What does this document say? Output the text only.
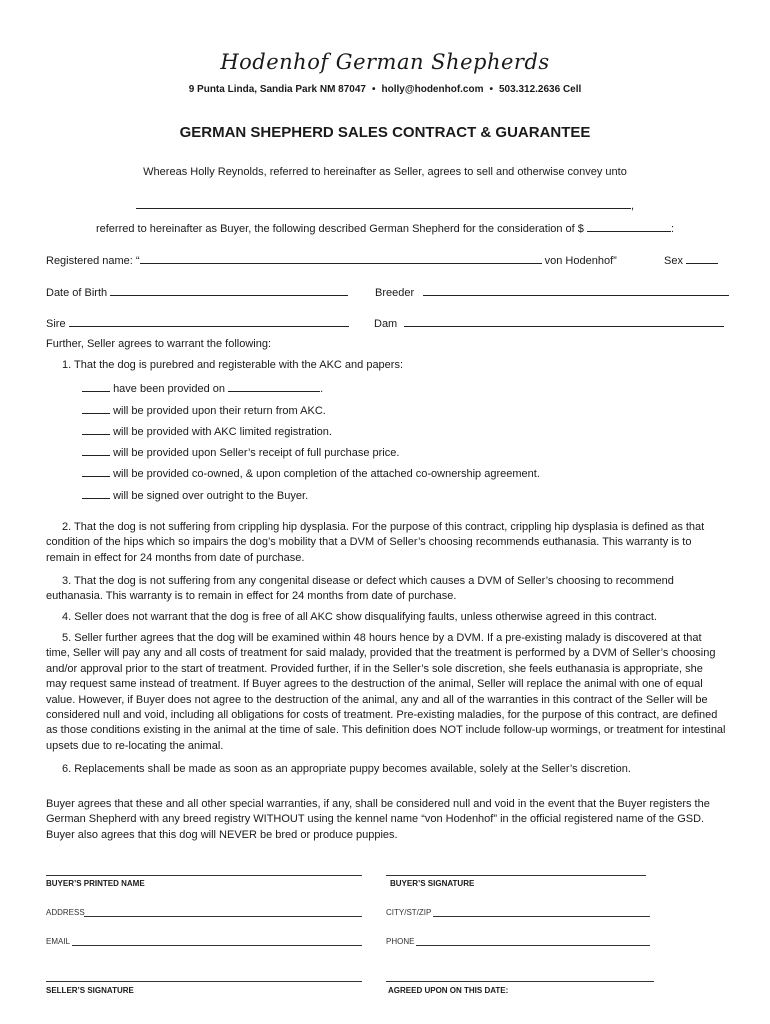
Hodenhof German Shepherds
9 Punta Linda, Sandia Park NM 87047 • holly@hodenhof.com • 503.312.2636 Cell
GERMAN SHEPHERD SALES CONTRACT & GUARANTEE
Whereas Holly Reynolds, referred to hereinafter as Seller, agrees to sell and otherwise convey unto
,
referred to hereinafter as Buyer, the following described German Shepherd for the consideration of $	:
Registered name: “	von Hodenhof”	Sex
Date of Birth	Breeder
Sire	Dam
Further, Seller agrees to warrant the following:
1. That the dog is purebred and registerable with the AKC and papers:
have been provided on	.
will be provided upon their return from AKC.
will be provided with AKC limited registration.
will be provided upon Seller’s receipt of full purchase price.
will be provided co-owned, & upon completion of the attached co-ownership agreement.
will be signed over outright to the Buyer.

2. That the dog is not suffering from crippling hip dysplasia. For the purpose of this contract, crippling hip dysplasia is defined as that condition of the hips which so impairs the dog’s mobility that a DVM of Seller’s choosing recommends euthanasia. This warranty is to remain in effect for 24 months from date of purchase.

3. That the dog is not suffering from any congenital disease or defect which causes a DVM of Seller’s choosing to recommend euthanasia. This warranty is to remain in effect for 24 months from date of purchase.

4. Seller does not warrant that the dog is free of all AKC show disqualifying faults, unless otherwise agreed in this contract.

5. Seller further agrees that the dog will be examined within 48 hours hence by a DVM. If a pre-existing malady is discovered at that time, Seller will pay any and all costs of treatment for said malady, provided that the treatment is performed by a DVM of Seller’s choosing and/or approval prior to the start of treatment. Provided further, if in the Seller’s sole discretion, she feels euthanasia is appropriate, she may request same instead of treatment. If Buyer agrees to the destruction of the animal, Seller will replace the animal with one of equal value. However, if Buyer does not agree to the destruction of the animal, any and all of the warranties in this contract of the Seller will be considered null and void, including all obligations for costs of treatment. Pre-existing maladies, for the purpose of this contract, are defined as those conditions existing in the animal at the time of sale. This definition does NOT include follow-up wormings, or treatment for intestinal upsets due to re-locating the animal.

6. Replacements shall be made as soon as an appropriate puppy becomes available, solely at the Seller’s discretion.

Buyer agrees that these and all other special warranties, if any, shall be considered null and void in the event that the Buyer registers the German Shepherd with any breed registry WITHOUT using the kennel name “von Hodenhof” in the official registered name of the GSD. Buyer also agrees that this dog will NEVER be bred or produce puppies.

BUYER’S PRINTED NAME	BUYER’S SIGNATURE
ADDRESS	CITY/ST/ZIP
EMAIL	PHONE
SELLER’S SIGNATURE	AGREED UPON ON THIS DATE:
